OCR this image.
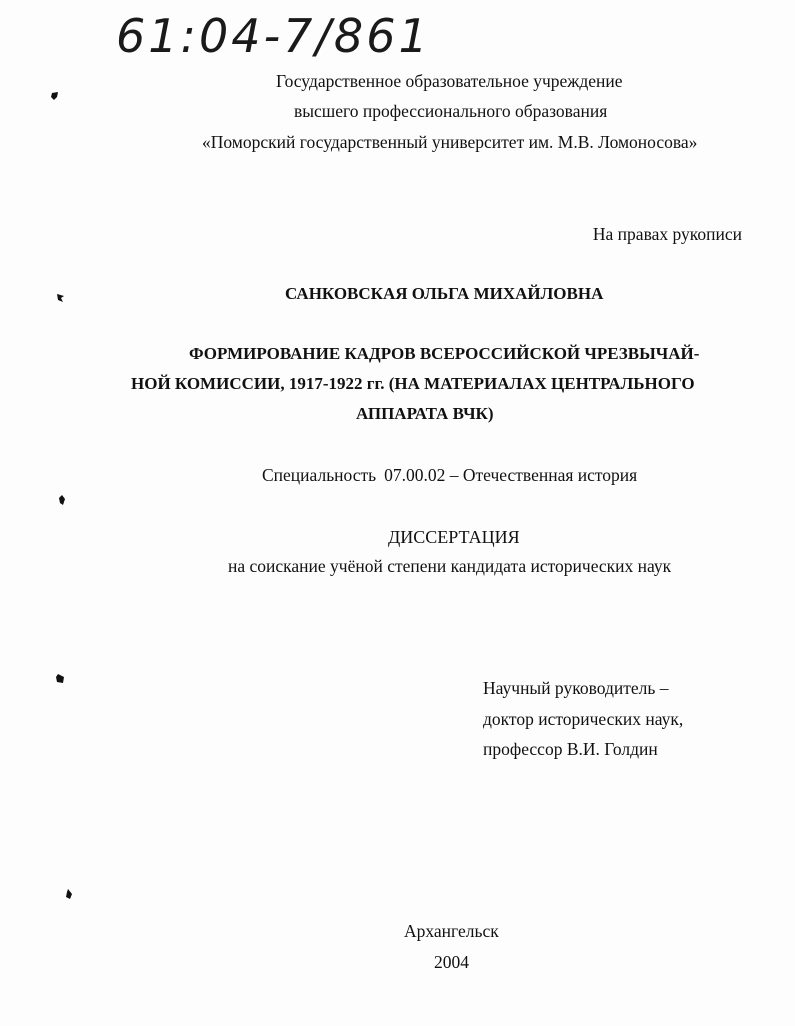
61:04-7/861
Государственное образовательное учреждение
высшего профессионального образования
«Поморский государственный университет им. М.В. Ломоносова»
На правах рукописи
САНКОВСКАЯ ОЛЬГА МИХАЙЛОВНА
ФОРМИРОВАНИЕ КАДРОВ ВСЕРОССИЙСКОЙ ЧРЕЗВЫЧАЙ-
НОЙ КОМИССИИ, 1917-1922 гг. (НА МАТЕРИАЛАХ ЦЕНТРАЛЬНОГО
АППАРАТА ВЧК)
Специальность 07.00.02 – Отечественная история
ДИССЕРТАЦИЯ
на соискание учёной степени кандидата исторических наук
Научный руководитель –
доктор исторических наук,
профессор В.И. Голдин
Архангельск
2004
